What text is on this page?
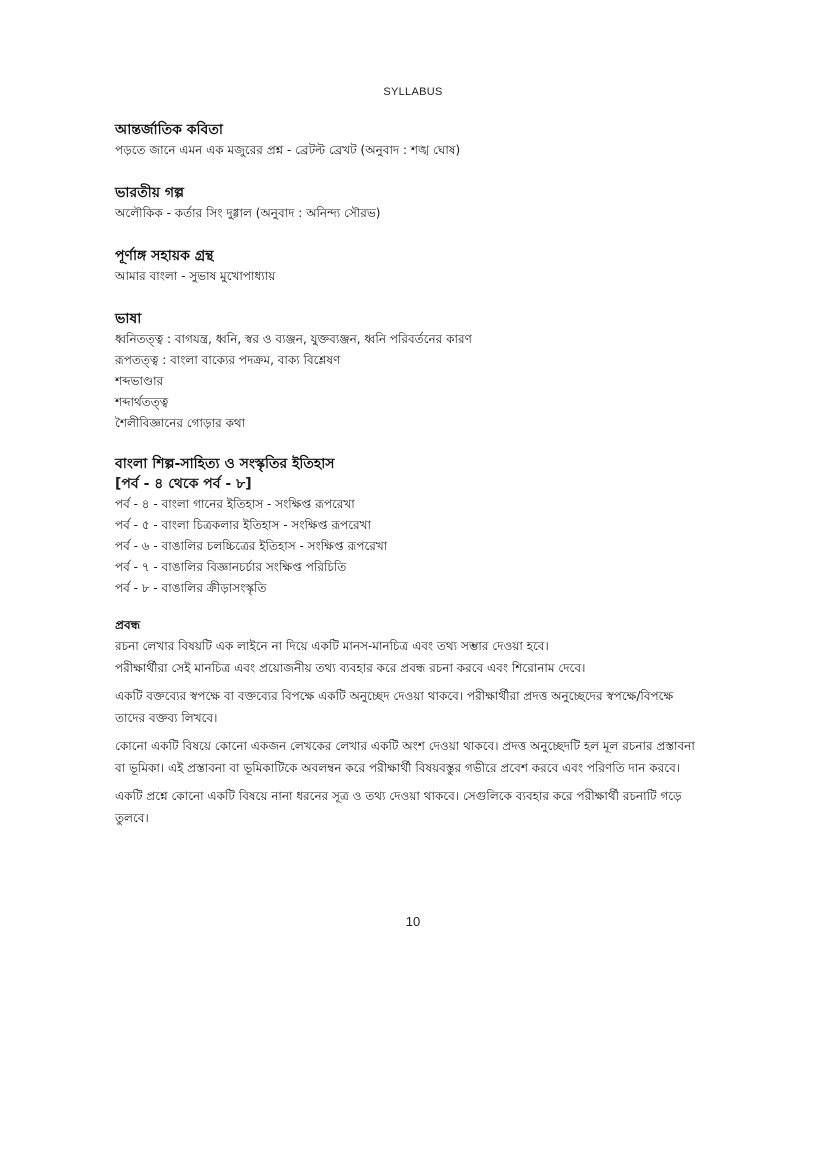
SYLLABUS

আন্তর্জাতিক কবিতা

পড়তে জানে এমন এক মজুরের প্রশ্ন - ব্রেটল্ট ব্রেখট (অনুবাদ : শঙ্খ ঘোষ)

ভারতীয় গল্প

অলৌকিক - কর্তার সিং দুগ্গাল (অনুবাদ : অনিন্দ্য সৌরভ)

পূর্ণাঙ্গ সহায়ক গ্রন্থ

আমার বাংলা - সুভাষ মুখোপাধ্যায়

ভাষা

ধ্বনিতত্ত্ব : বাগযন্ত্র, ধ্বনি, স্বর ও ব্যঞ্জন, যুক্তব্যঞ্জন, ধ্বনি পরিবর্তনের কারণ

রূপতত্ত্ব : বাংলা বাক্যের পদক্রম, বাক্য বিশ্লেষণ

শব্দভাণ্ডার

শব্দার্থতত্ত্ব

শৈলীবিজ্ঞানের গোড়ার কথা

বাংলা শিল্প-সাহিত্য ও সংস্কৃতির ইতিহাস

[পর্ব - ৪ থেকে পর্ব - ৮]

পর্ব - ৪ - বাংলা গানের ইতিহাস - সংক্ষিপ্ত রূপরেখা

পর্ব - ৫ - বাংলা চিত্রকলার ইতিহাস - সংক্ষিপ্ত রূপরেখা

পর্ব - ৬ - বাঙালির চলচ্চিত্রের ইতিহাস - সংক্ষিপ্ত রূপরেখা

পর্ব - ৭ - বাঙালির বিজ্ঞানচর্চার সংক্ষিপ্ত পরিচিতি

পর্ব - ৮ - বাঙালির ক্রীড়াসংস্কৃতি

প্রবন্ধ

রচনা লেখার বিষয়টি এক লাইনে না দিয়ে একটি মানস-মানচিত্র এবং তথ্য সম্ভার দেওয়া হবে।

পরীক্ষার্থীরা সেই মানচিত্র এবং প্রয়োজনীয় তথ্য ব্যবহার করে প্রবন্ধ রচনা করবে এবং শিরোনাম দেবে।

একটি বক্তব্যের স্বপক্ষে বা বক্তব্যের বিপক্ষে একটি অনুচ্ছেদ দেওয়া থাকবে। পরীক্ষার্থীরা প্রদত্ত অনুচ্ছেদের স্বপক্ষে/বিপক্ষে তাদের বক্তব্য লিখবে।

কোনো একটি বিষয়ে কোনো একজন লেখকের লেখার একটি অংশ দেওয়া থাকবে। প্রদত্ত অনুচ্ছেদটি হল মূল রচনার প্রস্তাবনা বা ভূমিকা। এই প্রস্তাবনা বা ভূমিকাটিকে অবলম্বন করে পরীক্ষার্থী বিষয়বস্তুর গভীরে প্রবেশ করবে এবং পরিণতি দান করবে।

একটি প্রশ্নে কোনো একটি বিষয়ে নানা ধরনের সূত্র ও তথ্য দেওয়া থাকবে। সেগুলিকে ব্যবহার করে পরীক্ষার্থী রচনাটি গড়ে তুলবে।

10
